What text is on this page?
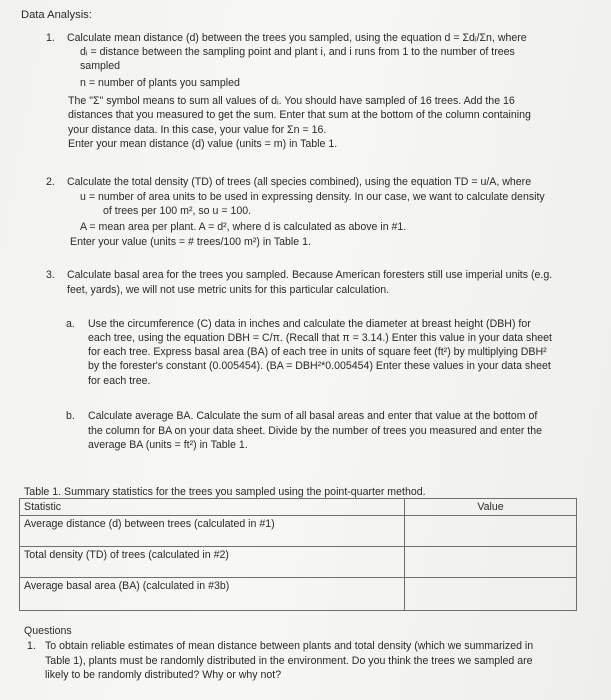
Data Analysis:
1. Calculate mean distance (d) between the trees you sampled, using the equation d = Σdᵢ/Σn, where
dᵢ = distance between the sampling point and plant i, and i runs from 1 to the number of trees
sampled
n = number of plants you sampled
The "Σ" symbol means to sum all values of dᵢ. You should have sampled of 16 trees. Add the 16
distances that you measured to get the sum. Enter that sum at the bottom of the column containing
your distance data. In this case, your value for Σn = 16.
Enter your mean distance (d) value (units = m) in Table 1.
2. Calculate the total density (TD) of trees (all species combined), using the equation TD = u/A, where
u = number of area units to be used in expressing density. In our case, we want to calculate density
of trees per 100 m², so u = 100.
A = mean area per plant. A = d², where d is calculated as above in #1.
Enter your value (units = # trees/100 m²) in Table 1.
3. Calculate basal area for the trees you sampled. Because American foresters still use imperial units (e.g.
feet, yards), we will not use metric units for this particular calculation.
a. Use the circumference (C) data in inches and calculate the diameter at breast height (DBH) for
each tree, using the equation DBH = C/π. (Recall that π = 3.14.) Enter this value in your data sheet
for each tree. Express basal area (BA) of each tree in units of square feet (ft²) by multiplying DBH²
by the forester's constant (0.005454). (BA = DBH²*0.005454) Enter these values in your data sheet
for each tree.
b. Calculate average BA. Calculate the sum of all basal areas and enter that value at the bottom of
the column for BA on your data sheet. Divide by the number of trees you measured and enter the
average BA (units = ft²) in Table 1.
Table 1. Summary statistics for the trees you sampled using the point-quarter method.
Statistic	Value
Average distance (d) between trees (calculated in #1)	
Total density (TD) of trees (calculated in #2)	
Average basal area (BA) (calculated in #3b)	
Questions
1. To obtain reliable estimates of mean distance between plants and total density (which we summarized in
Table 1), plants must be randomly distributed in the environment. Do you think the trees we sampled are
likely to be randomly distributed? Why or why not?
